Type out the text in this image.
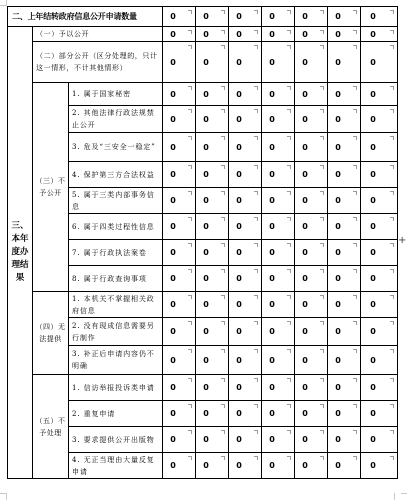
+
二、上年结转政府信息公开申请数量			0	0	0	0	0	0	0

三、本年度办理结果	（一）予以公开		0	0	0	0	0	0	0

	（二）部分公开（区分处理的，只计这一情形，不计其他情形）		0	0	0	0	0	0	0

	（三）不予公开	1. 属于国家秘密	0	0	0	0	0	0	0

		2. 其他法律行政法规禁止公开	0	0	0	0	0	0	0

		3. 危及“三安全一稳定”	0	0	0	0	0	0	0

		4. 保护第三方合法权益	0	0	0	0	0	0	0

		5. 属于三类内部事务信息	0	0	0	0	0	0	0

		6. 属于四类过程性信息	0	0	0	0	0	0	0

		7. 属于行政执法案卷	0	0	0	0	0	0	0

		8. 属于行政查询事项	0	0	0	0	0	0	0

	（四）无法提供	1. 本机关不掌握相关政府信息	0	0	0	0	0	0	0

		2. 没有现成信息需要另行制作	0	0	0	0	0	0	0

		3. 补正后申请内容仍不明确	0	0	0	0	0	0	0

	（五）不予处理	1. 信访举报投诉类申请	0	0	0	0	0	0	0

		2. 重复申请	0	0	0	0	0	0	0

		3. 要求提供公开出版物	0	0	0	0	0	0	0

		4. 无正当理由大量反复申请	0	0	0	0	0	0	0
